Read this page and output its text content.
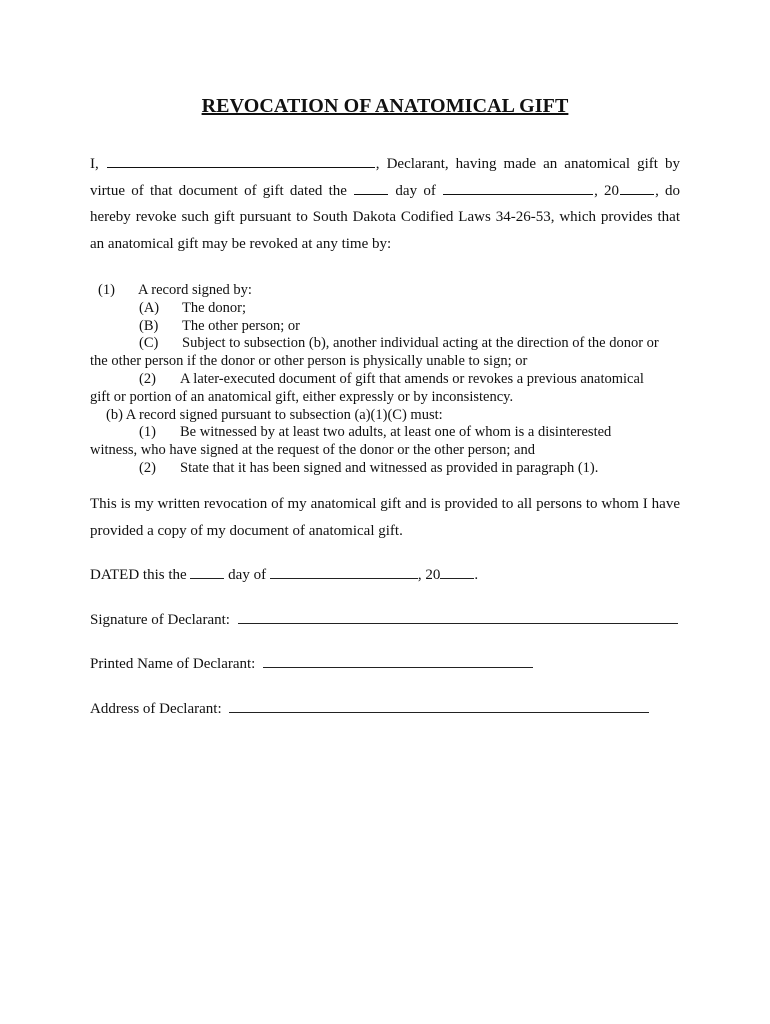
REVOCATION OF ANATOMICAL GIFT
I,	, Declarant, having made an anatomical gift by virtue of that document of gift dated the	day of	, 20 , do hereby revoke such gift pursuant to South Dakota Codified Laws 34-26-53, which provides that an anatomical gift may be revoked at any time by:
(1) A record signed by:
(A) The donor;
(B) The other person; or
(C) Subject to subsection (b), another individual acting at the direction of the donor or
the other person if the donor or other person is physically unable to sign; or
(2) A later-executed document of gift that amends or revokes a previous anatomical
gift or portion of an anatomical gift, either expressly or by inconsistency.
(b) A record signed pursuant to subsection (a)(1)(C) must:
(1) Be witnessed by at least two adults, at least one of whom is a disinterested
witness, who have signed at the request of the donor or the other person; and
(2) State that it has been signed and witnessed as provided in paragraph (1).
This is my written revocation of my anatomical gift and is provided to all persons to whom I have provided a copy of my document of anatomical gift.
DATED this the	day of	, 20 .
Signature of Declarant:
Printed Name of Declarant:
Address of Declarant:
